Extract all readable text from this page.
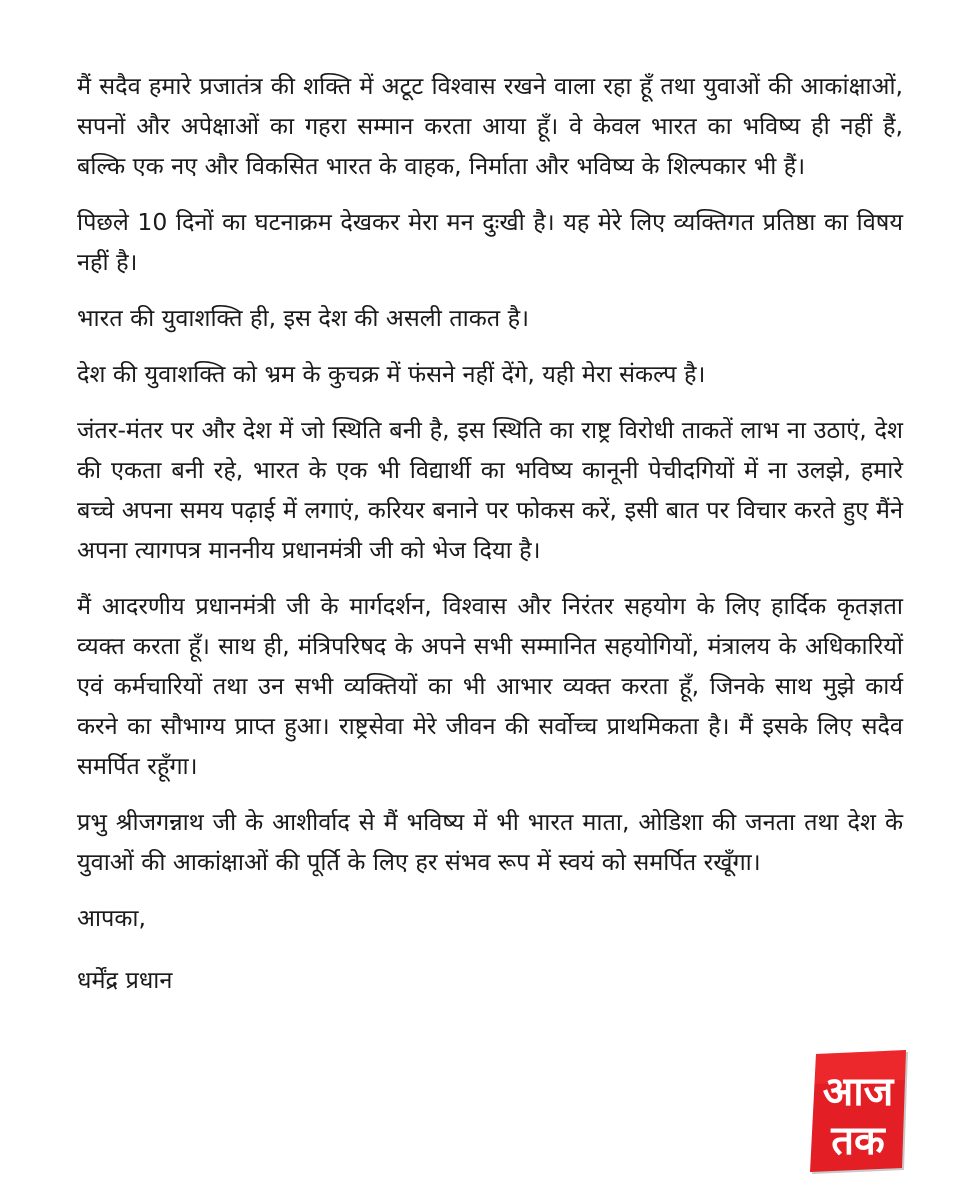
मैं सदैव हमारे प्रजातंत्र की शक्ति में अटूट विश्वास रखने वाला रहा हूँ तथा युवाओं की आकांक्षाओं, सपनों और अपेक्षाओं का गहरा सम्मान करता आया हूँ। वे केवल भारत का भविष्य ही नहीं हैं, बल्कि एक नए और विकसित भारत के वाहक, निर्माता और भविष्य के शिल्पकार भी हैं।

पिछले 10 दिनों का घटनाक्रम देखकर मेरा मन दुःखी है। यह मेरे लिए व्यक्तिगत प्रतिष्ठा का विषय नहीं है।

भारत की युवाशक्ति ही, इस देश की असली ताकत है।

देश की युवाशक्ति को भ्रम के कुचक्र में फंसने नहीं देंगे, यही मेरा संकल्प है।

जंतर-मंतर पर और देश में जो स्थिति बनी है, इस स्थिति का राष्ट्र विरोधी ताकतें लाभ ना उठाएं, देश की एकता बनी रहे, भारत के एक भी विद्यार्थी का भविष्य कानूनी पेचीदगियों में ना उलझे, हमारे बच्चे अपना समय पढ़ाई में लगाएं, करियर बनाने पर फोकस करें, इसी बात पर विचार करते हुए मैंने अपना त्यागपत्र माननीय प्रधानमंत्री जी को भेज दिया है।

मैं आदरणीय प्रधानमंत्री जी के मार्गदर्शन, विश्वास और निरंतर सहयोग के लिए हार्दिक कृतज्ञता व्यक्त करता हूँ। साथ ही, मंत्रिपरिषद के अपने सभी सम्मानित सहयोगियों, मंत्रालय के अधिकारियों एवं कर्मचारियों तथा उन सभी व्यक्तियों का भी आभार व्यक्त करता हूँ, जिनके साथ मुझे कार्य करने का सौभाग्य प्राप्त हुआ। राष्ट्रसेवा मेरे जीवन की सर्वोच्च प्राथमिकता है। मैं इसके लिए सदैव समर्पित रहूँगा।

प्रभु श्रीजगन्नाथ जी के आशीर्वाद से मैं भविष्य में भी भारत माता, ओडिशा की जनता तथा देश के युवाओं की आकांक्षाओं की पूर्ति के लिए हर संभव रूप में स्वयं को समर्पित रखूँगा।

आपका,

धर्मेंद्र प्रधान

आज
तक
